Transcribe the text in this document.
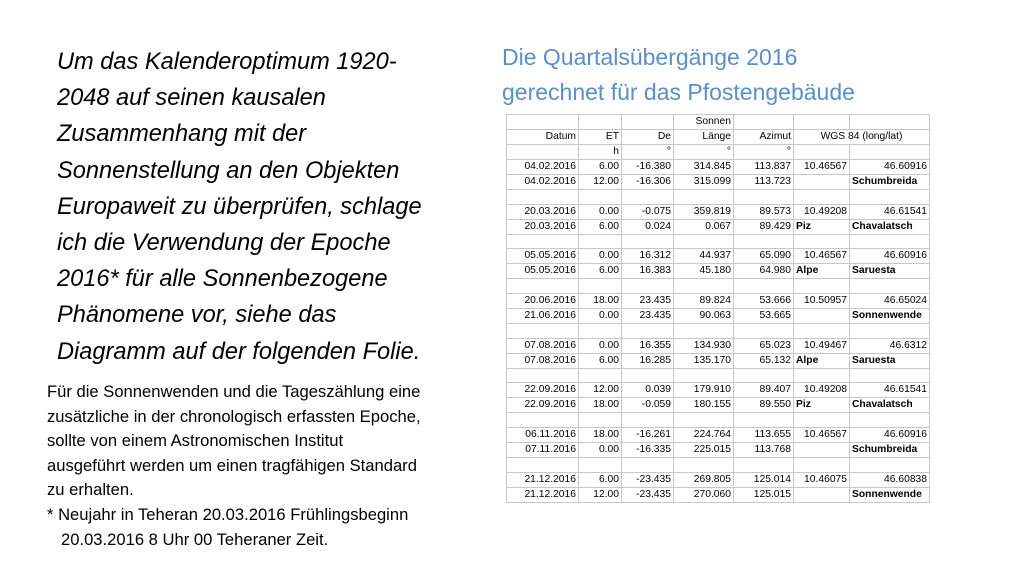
Um das Kalenderoptimum 1920-
2048 auf seinen kausalen
Zusammenhang mit der
Sonnenstellung an den Objekten
Europaweit zu überprüfen, schlage
ich die Verwendung der Epoche
2016* für alle Sonnenbezogene
Phänomene vor, siehe das
Diagramm auf der folgenden Folie.

Für die Sonnenwenden und die Tageszählung eine

zusätzliche in der chronologisch erfassten Epoche,

sollte von einem Astronomischen Institut

ausgeführt werden um einen tragfähigen Standard

zu erhalten.

* Neujahr in Teheran 20.03.2016 Frühlingsbeginn

20.03.2016 8 Uhr 00 Teheraner Zeit.

Die Quartalsübergänge 2016
gerechnet für das Pfostengebäude
			Sonnen			
Datum	ET	De	Länge	Azimut	WGS 84 (long/lat)	
	h	°	°	°		
04.02.2016	6.00	-16.380	314.845	113.837	10.46567	46.60916
04.02.2016	12.00	-16.306	315.099	113.723		Schumbreida

20.03.2016	0.00	-0.075	359.819	89.573	10.49208	46.61541
20.03.2016	6.00	0.024	0.067	89.429	Piz	Chavalatsch

05.05.2016	0.00	16.312	44.937	65.090	10.46567	46.60916
05.05.2016	6.00	16.383	45.180	64.980	Alpe	Saruesta

20.06.2016	18.00	23.435	89.824	53.666	10.50957	46.65024
21.06.2016	0.00	23.435	90.063	53.665		Sonnenwende

07.08.2016	0.00	16.355	134.930	65.023	10.49467	46.6312
07.08.2016	6.00	16.285	135.170	65.132	Alpe	Saruesta

22.09.2016	12.00	0.039	179.910	89.407	10.49208	46.61541
22.09.2016	18.00	-0.059	180.155	89.550	Piz	Chavalatsch

06.11.2016	18.00	-16.261	224.764	113.655	10.46567	46.60916
07.11.2016	0.00	-16.335	225.015	113.768		Schumbreida

21.12.2016	6.00	-23.435	269.805	125.014	10.46075	46.60838
21.12.2016	12.00	-23.435	270.060	125.015		Sonnenwende
